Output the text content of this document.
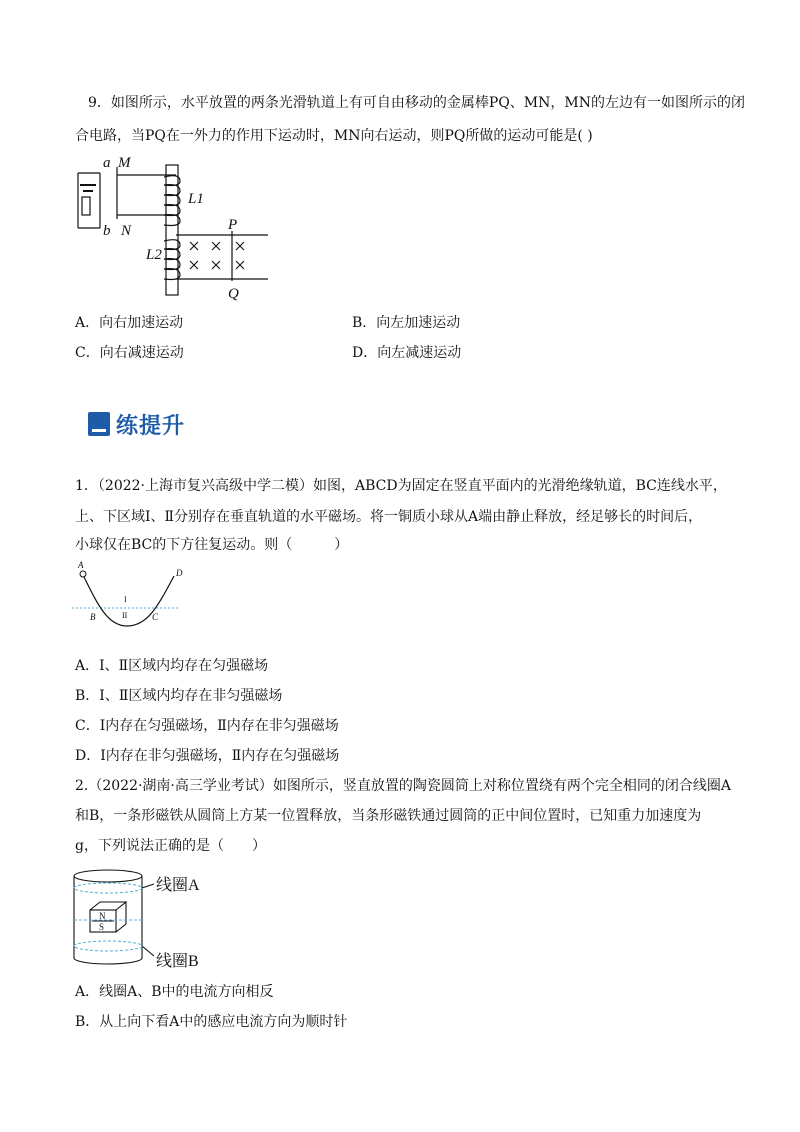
9．如图所示，水平放置的两条光滑轨道上有可自由移动的金属棒PQ、MN，MN的左边有一如图所示的闭
合电路，当PQ在一外力的作用下运动时，MN向右运动，则PQ所做的运动可能是( )
a M
b N
L1
L2
P
Q
A．向右加速运动	B．向左加速运动
C．向右减速运动	D．向左减速运动
练提升
1．（2022·上海市复兴高级中学二模）如图，ABCD为固定在竖直平面内的光滑绝缘轨道，BC连线水平，
上、下区域Ⅰ、Ⅱ分别存在垂直轨道的水平磁场。将一铜质小球从A端由静止释放，经足够长的时间后，
小球仅在BC的下方往复运动。则（　　　）
A
D
B	C
I
II
A．Ⅰ、Ⅱ区域内均存在匀强磁场
B．Ⅰ、Ⅱ区域内均存在非匀强磁场
C．Ⅰ内存在匀强磁场，Ⅱ内存在非匀强磁场
D．Ⅰ内存在非匀强磁场，Ⅱ内存在匀强磁场
2.（2022·湖南·高三学业考试）如图所示，竖直放置的陶瓷圆筒上对称位置绕有两个完全相同的闭合线圈A
和B，一条形磁铁从圆筒上方某一位置释放，当条形磁铁通过圆筒的正中间位置时，已知重力加速度为
g，下列说法正确的是（　　）
N
S
线圈A
线圈B
A．线圈A、B中的电流方向相反
B．从上向下看A中的感应电流方向为顺时针
